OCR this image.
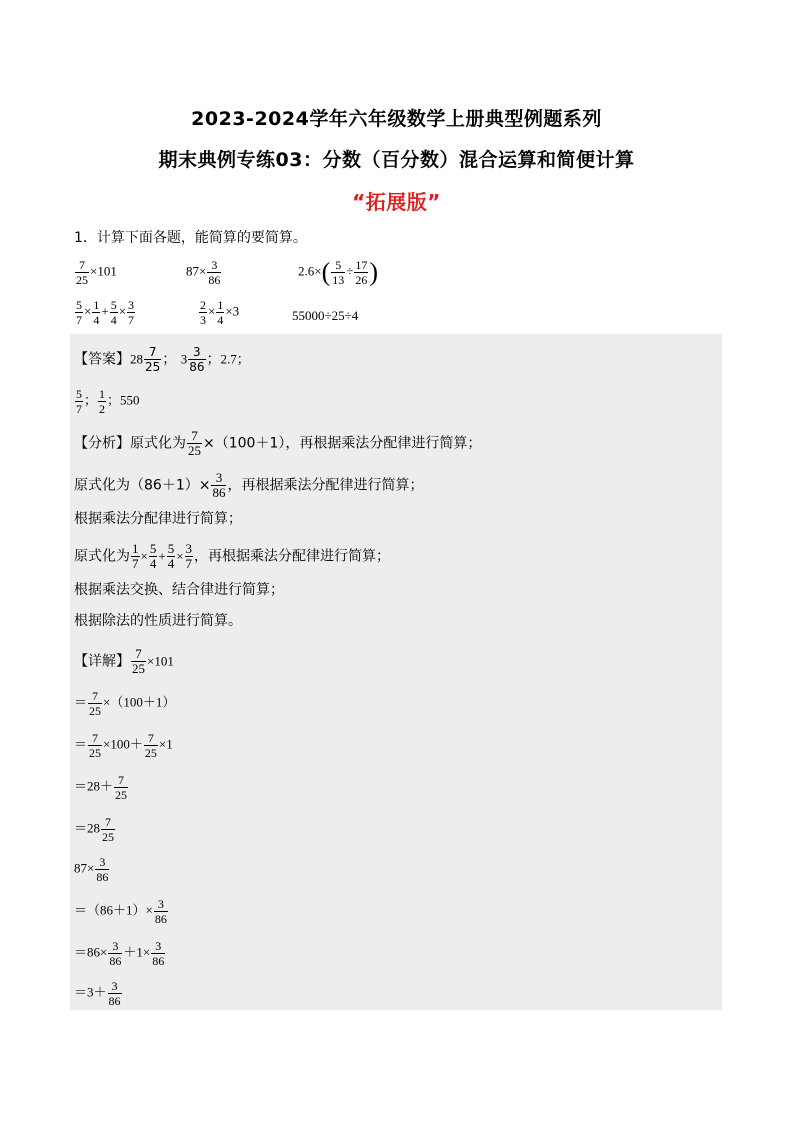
2023-2024学年六年级数学上册典型例题系列
期末典例专练03：分数（百分数）混合运算和简便计算
“拓展版”
1．计算下面各题，能简算的要简算。
$\frac{7}{25} \times 101$	$87\times \frac{3}{86}$	$2.6\times( \frac{5}{13} \div \frac{17}{26}$ )
$\frac{5}{7} \times \frac{1}{4} + \frac{5}{4} \times \frac{3}{7}$	$\frac{2}{3} \times \frac{1}{4} \times 3$	55000÷25÷4
【答案】$28 \frac{7}{25}$ ； $3 \frac{3}{86}$ ；2.7；
$\frac{5}{7}$ ； $\frac{1}{2}$ ；550
【分析】原式化为 $\frac{7}{25} \times(100+1)$，再根据乘法分配律进行简算；
原式化为$(86+1)\times \frac{3}{86}$ ，再根据乘法分配律进行简算；
根据乘法分配律进行简算；
原式化为 $\frac{1}{7} \times \frac{5}{4} + \frac{5}{4} \times \frac{3}{7}$ ，再根据乘法分配律进行简算；
根据乘法交换、结合律进行简算；
根据除法的性质进行简算。
【详解】 $\frac{7}{25} \times 101$
＝ $\frac{7}{25} \times(100+1)$
＝ $\frac{7}{25} \times 100+ \frac{7}{25} \times 1$
$=28+ \frac{7}{25}$
$=28 \frac{7}{25}$
$87\times \frac{3}{86}$
$=(86+1)\times \frac{3}{86}$
$=86\times \frac{3}{86} +1\times \frac{3}{86}$
$=3+ \frac{3}{86}$
